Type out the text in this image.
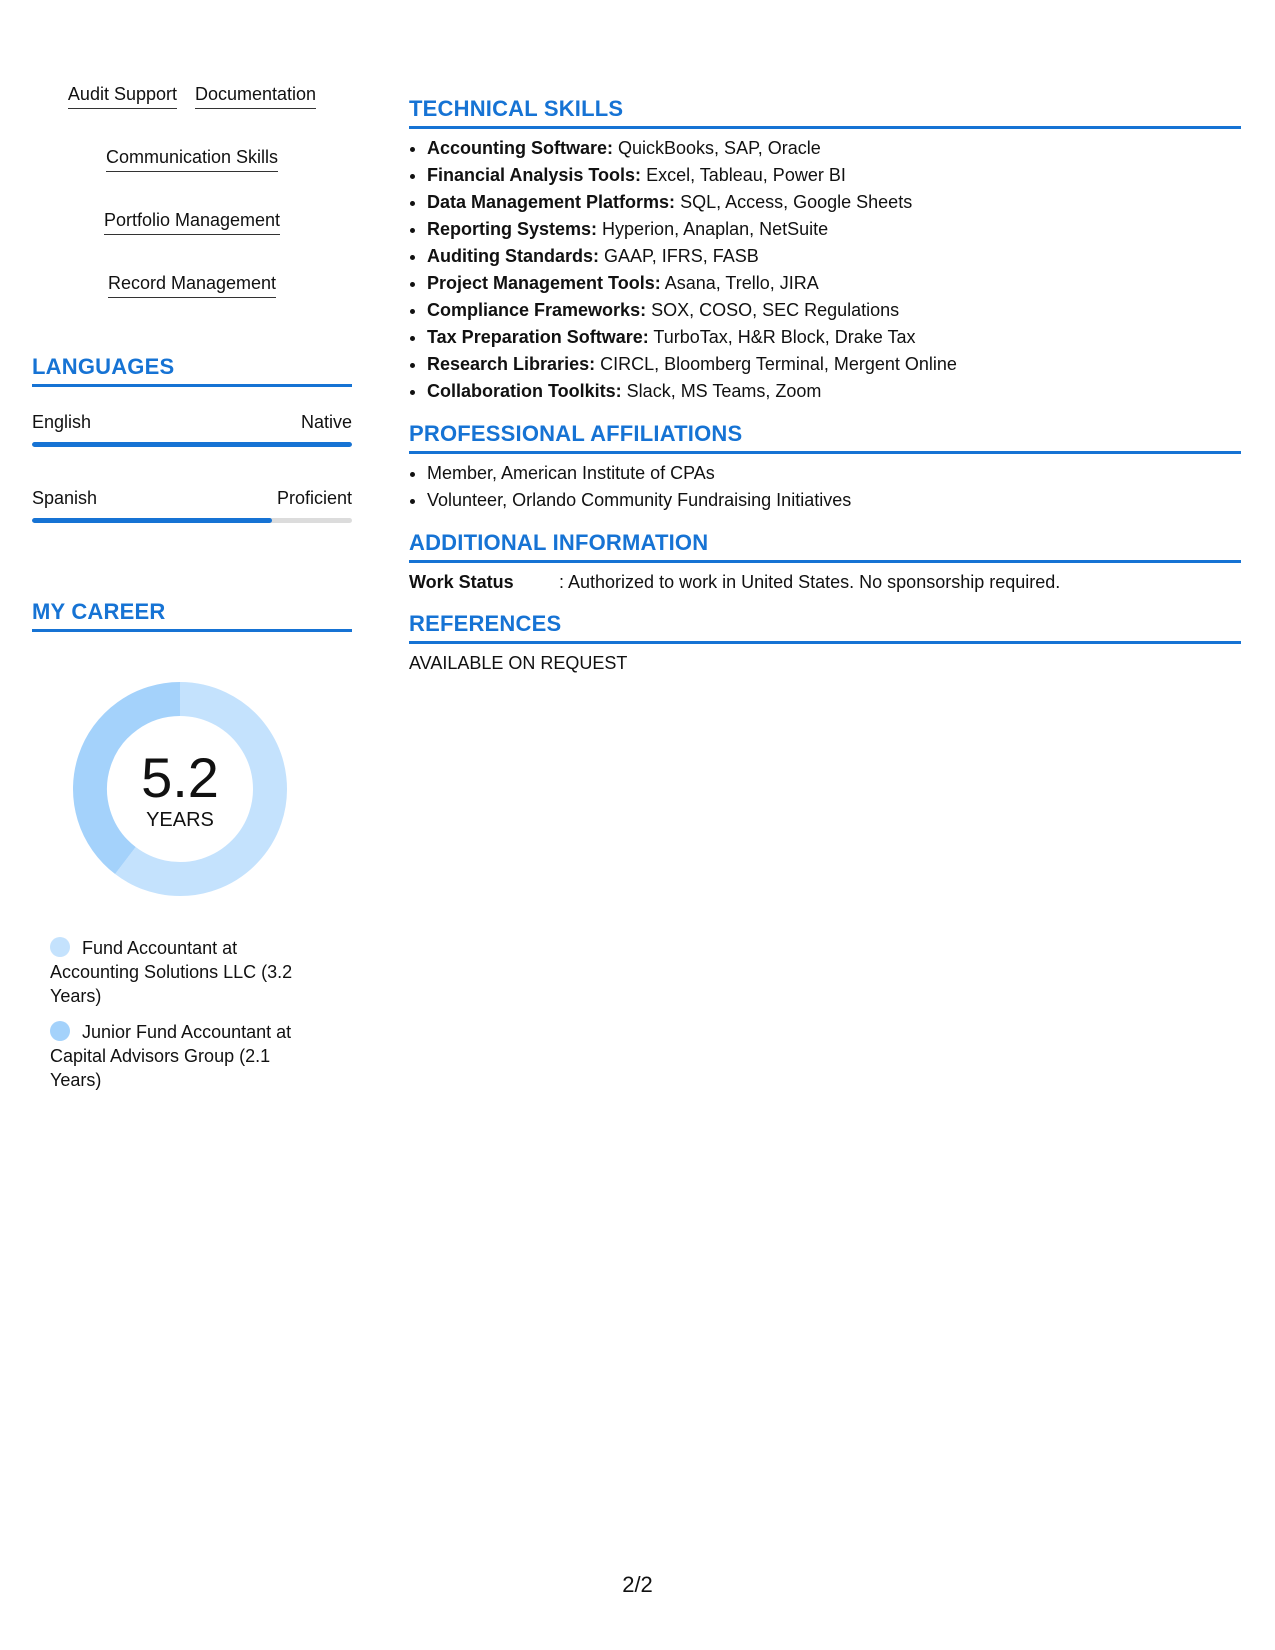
Audit Support Documentation
Communication Skills
Portfolio Management
Record Management
LANGUAGES
English	Native
Spanish	Proficient
MY CAREER
5.2
YEARS
Fund Accountant at Accounting Solutions LLC (3.2 Years)
Junior Fund Accountant at Capital Advisors Group (2.1 Years)
TECHNICAL SKILLS
• Accounting Software: QuickBooks, SAP, Oracle
• Financial Analysis Tools: Excel, Tableau, Power BI
• Data Management Platforms: SQL, Access, Google Sheets
• Reporting Systems: Hyperion, Anaplan, NetSuite
• Auditing Standards: GAAP, IFRS, FASB
• Project Management Tools: Asana, Trello, JIRA
• Compliance Frameworks: SOX, COSO, SEC Regulations
• Tax Preparation Software: TurboTax, H&R Block, Drake Tax
• Research Libraries: CIRCL, Bloomberg Terminal, Mergent Online
• Collaboration Toolkits: Slack, MS Teams, Zoom
PROFESSIONAL AFFILIATIONS
• Member, American Institute of CPAs
• Volunteer, Orlando Community Fundraising Initiatives
ADDITIONAL INFORMATION
Work Status	: Authorized to work in United States. No sponsorship required.
REFERENCES
AVAILABLE ON REQUEST
2/2
